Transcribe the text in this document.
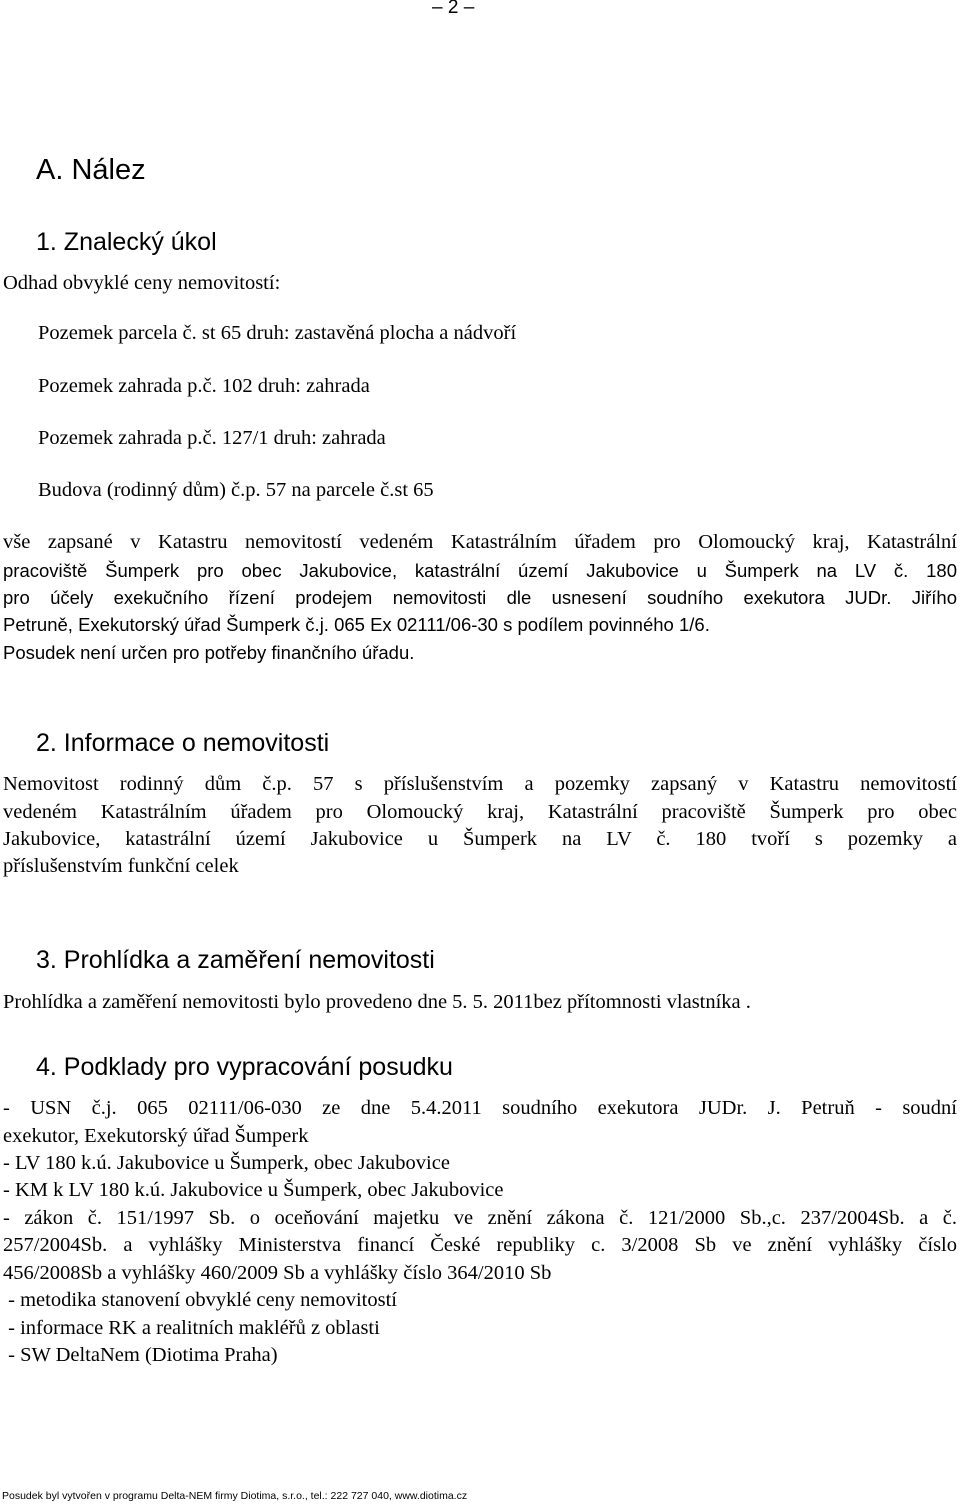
– 2 –
A. Nález
1. Znalecký úkol
Odhad obvyklé ceny nemovitostí:
Pozemek parcela č. st 65 druh: zastavěná plocha a nádvoří
Pozemek zahrada p.č. 102 druh: zahrada
Pozemek zahrada p.č. 127/1 druh: zahrada
Budova (rodinný dům) č.p. 57 na parcele č.st 65
vše zapsané v Katastru nemovitostí vedeném Katastrálním úřadem pro Olomoucký kraj, Katastrální
pracoviště Šumperk pro obec Jakubovice, katastrální území Jakubovice u Šumperk na LV č. 180
pro účely exekučního řízení prodejem nemovitosti dle usnesení soudního exekutora JUDr. Jiřího
Petruně, Exekutorský úřad Šumperk č.j. 065 Ex 02111/06-30 s podílem povinného 1/6.
Posudek není určen pro potřeby finančního úřadu.
2. Informace o nemovitosti
Nemovitost rodinný dům č.p. 57 s příslušenstvím a pozemky zapsaný v Katastru nemovitostí
vedeném Katastrálním úřadem pro Olomoucký kraj, Katastrální pracoviště Šumperk pro obec
Jakubovice, katastrální území Jakubovice u Šumperk na LV č. 180 tvoří s pozemky a
příslušenstvím funkční celek
3. Prohlídka a zaměření nemovitosti
Prohlídka a zaměření nemovitosti bylo provedeno dne 5. 5. 2011bez přítomnosti vlastníka .
4. Podklady pro vypracování posudku
- USN č.j. 065 02111/06-030 ze dne 5.4.2011 soudního exekutora JUDr. J. Petruň - soudní
exekutor, Exekutorský úřad Šumperk
- LV 180 k.ú. Jakubovice u Šumperk, obec Jakubovice
- KM k LV 180 k.ú. Jakubovice u Šumperk, obec Jakubovice
- zákon č. 151/1997 Sb. o oceňování majetku ve znění zákona č. 121/2000 Sb.,c. 237/2004Sb. a č.
257/2004Sb. a vyhlášky Ministerstva financí České republiky c. 3/2008 Sb ve znění vyhlášky číslo
456/2008Sb a vyhlášky 460/2009 Sb a vyhlášky číslo 364/2010 Sb
- metodika stanovení obvyklé ceny nemovitostí
- informace RK a realitních makléřů z oblasti
- SW DeltaNem (Diotima Praha)
Posudek byl vytvořen v programu Delta-NEM firmy Diotima, s.r.o., tel.: 222 727 040, www.diotima.cz
